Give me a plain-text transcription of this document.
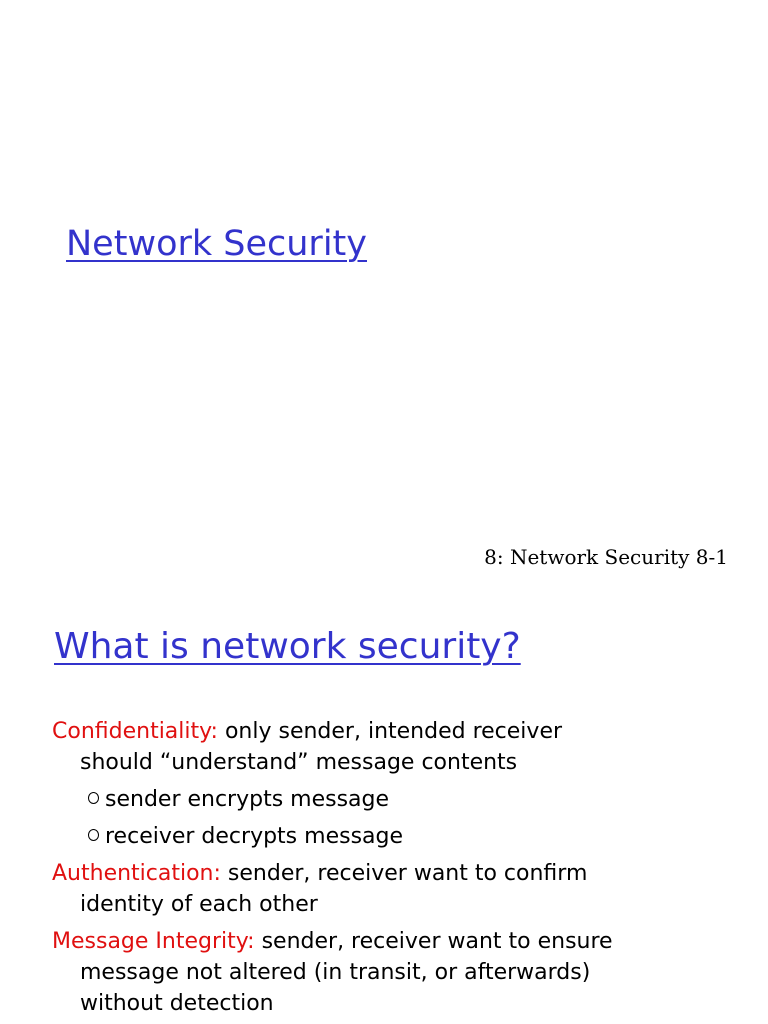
Network Security
8: Network Security 8-1
What is network security?
Confidentiality: only sender, intended receiver
should “understand” message contents
sender encrypts message
receiver decrypts message
Authentication: sender, receiver want to confirm
identity of each other
Message Integrity: sender, receiver want to ensure
message not altered (in transit, or afterwards)
without detection
